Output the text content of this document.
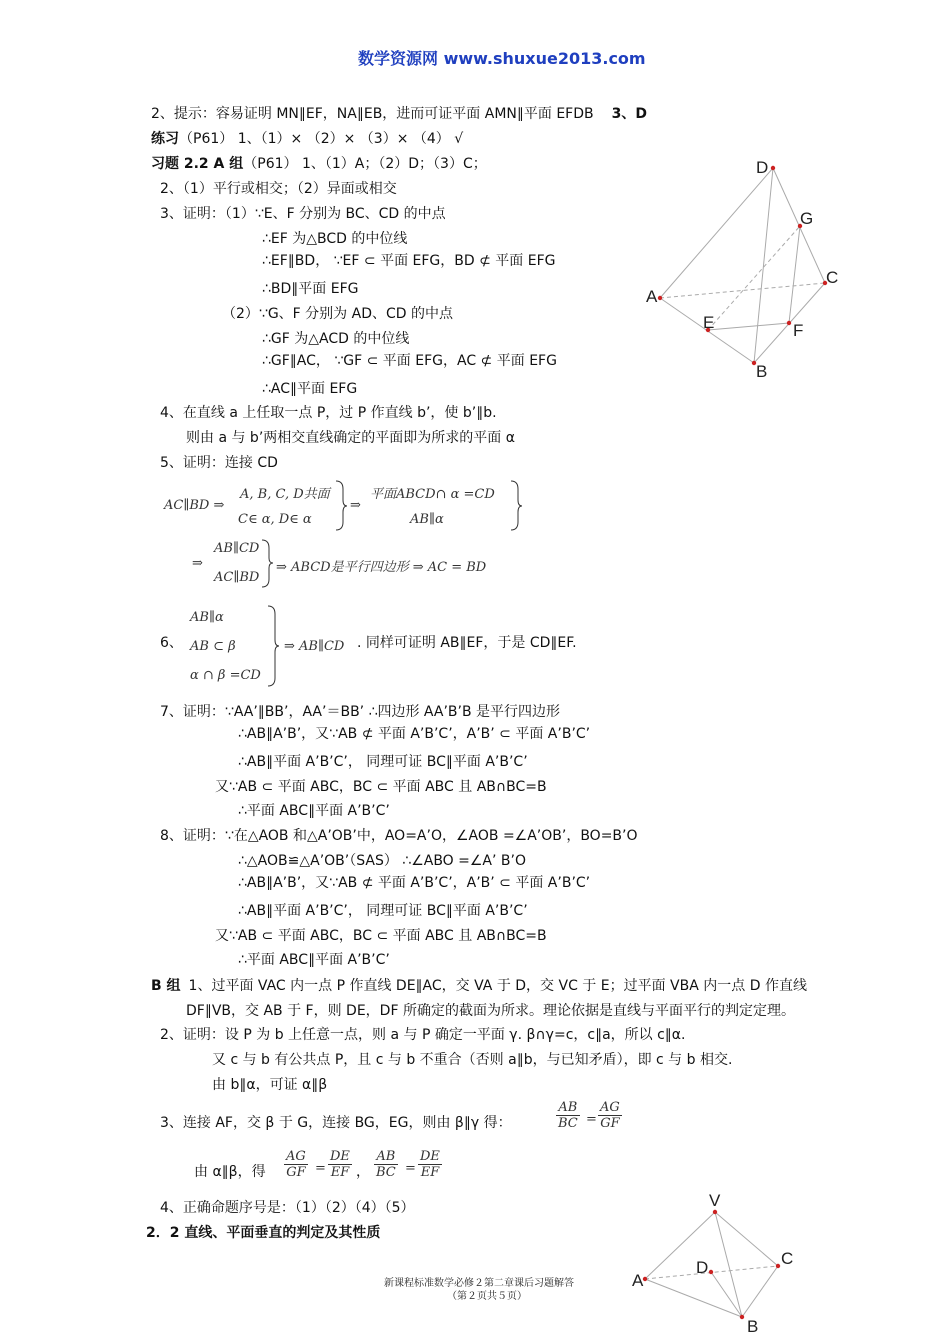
数学资源网 www.shuxue2013.com
2、提示：容易证明 MN∥EF，NA∥EB，进而可证平面 AMN∥平面 EFDB 3、D
练习（P61） 1、（1）× （2）× （3）× （4） √
习题 2.2 A 组（P61） 1、（1）A；（2）D；（3）C；
2、（1）平行或相交；（2）异面或相交
3、证明：（1）∵E、F 分别为 BC、CD 的中点
∴EF 为△BCD 的中位线
∴EF∥BD， ∵EF ⊂ 平面 EFG，BD ⊄ 平面 EFG
∴BD∥平面 EFG
（2）∵G、F 分别为 AD、CD 的中点
∴GF 为△ACD 的中位线
∴GF∥AC， ∵GF ⊂ 平面 EFG，AC ⊄ 平面 EFG
∴AC∥平面 EFG
4、在直线 a 上任取一点 P，过 P 作直线 b’，使 b’∥b.
则由 a 与 b’两相交直线确定的平面即为所求的平面 α
5、证明：连接 CD
AC∥BD ⇒
A, B, C, D共面
C∈ α, D∈ α
⇒
平面ABCD∩ α =CD
AB∥α
⇒
AB∥CD
AC∥BD
⇒ ABCD是平行四边形 ⇒ AC = BD
6、
AB∥α
AB ⊂ β
α ∩ β =CD
⇒ AB∥CD . 同样可证明 AB∥EF，于是 CD∥EF.
7、证明：∵AA’∥BB’，AA’＝BB’ ∴四边形 AA’B’B 是平行四边形
∴AB∥A’B’，又∵AB ⊄ 平面 A’B’C’，A’B’ ⊂ 平面 A’B’C’
∴AB∥平面 A’B’C’， 同理可证 BC∥平面 A’B’C’
又∵AB ⊂ 平面 ABC，BC ⊂ 平面 ABC 且 AB∩BC=B
∴平面 ABC∥平面 A’B’C’
8、证明：∵在△AOB 和△A’OB’中，AO=A’O，∠AOB =∠A’OB’，BO=B’O
∴△AOB≌△A’OB’（SAS） ∴∠ABO =∠A’ B’O
∴AB∥A’B’，又∵AB ⊄ 平面 A’B’C’，A’B’ ⊂ 平面 A’B’C’
∴AB∥平面 A’B’C’， 同理可证 BC∥平面 A’B’C’
又∵AB ⊂ 平面 ABC，BC ⊂ 平面 ABC 且 AB∩BC=B
∴平面 ABC∥平面 A’B’C’
B 组 1、过平面 VAC 内一点 P 作直线 DE∥AC，交 VA 于 D，交 VC 于 E；过平面 VBA 内一点 D 作直线
DF∥VB，交 AB 于 F，则 DE，DF 所确定的截面为所求。理论依据是直线与平面平行的判定定理。
2、证明：设 P 为 b 上任意一点，则 a 与 P 确定一平面 γ. β∩γ=c，c∥a，所以 c∥α.
又 c 与 b 有公共点 P，且 c 与 b 不重合（否则 a∥b，与已知矛盾），即 c 与 b 相交.
由 b∥α，可证 α∥β
3、连接 AF，交 β 于 G，连接 BG，EG，则由 β∥γ 得：	$\frac{AB}{BC} = \frac{AG}{GF}$
由 α∥β，得 $\frac{AG}{GF} = \frac{DE}{EF}$ ， $\frac{AB}{BC} = \frac{DE}{EF}$
4、正确命题序号是：（1）（2）（4）（5）
2．2 直线、平面垂直的判定及其性质
D
G
C
A
E	F
B
V
C
D
A
B
新课程标准数学必修２第二章课后习题解答
（第２页共５页）
